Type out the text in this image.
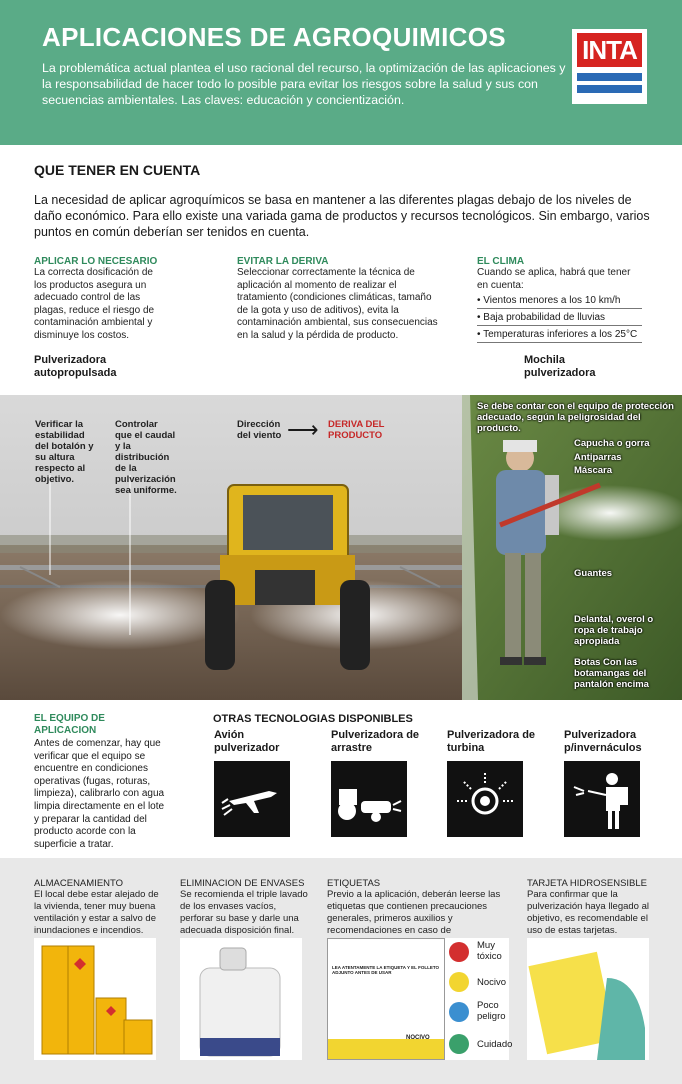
APLICACIONES DE AGROQUIMICOS
La problemática actual plantea el uso racional del recurso, la optimización de las aplicaciones y la responsabilidad de hacer todo lo posible para evitar los riesgos sobre la salud y sus con secuencias ambientales. Las claves: educación y concientización.
INTA
QUE TENER EN CUENTA
La necesidad de aplicar agroquímicos se basa en mantener a las diferentes plagas debajo de los niveles de daño económico. Para ello existe una variada gama de productos y recursos tecnológicos. Sin embargo, varios puntos en común deberían ser tenidos en cuenta.
APLICAR LO NECESARIO
La correcta dosificación de los productos asegura un adecuado control de las plagas, reduce el riesgo de contaminación ambiental y disminuye los costos.
EVITAR LA DERIVA
Seleccionar correctamente la técnica de aplicación al momento de realizar el tratamiento (condiciones climáticas, tamaño de la gota y uso de aditivos), evita la contaminación ambiental, sus consecuencias en la salud y la pérdida de producto.
EL CLIMA
Cuando se aplica, habrá que tener en cuenta:
• Vientos menores a los 10 km/h
• Baja probabilidad de lluvias
• Temperaturas inferiores a los 25°C
Pulverizadora autopropulsada
Mochila pulverizadora
Verificar la estabilidad del botalón y su altura respecto al objetivo.
Controlar que el caudal y la distribución de la pulverización sea uniforme.
Dirección del viento ⟶ DERIVA DEL PRODUCTO
Se debe contar con el equipo de protección adecuado, según la peligrosidad del producto.
Capucha o gorra
Antiparras
Máscara
Guantes
Delantal, overol o ropa de trabajo apropiada
Botas Con las botamangas del pantalón encima
EL EQUIPO DE APLICACION
Antes de comenzar, hay que verificar que el equipo se encuentre en condiciones operativas (fugas, roturas, limpieza), calibrarlo con agua limpia directamente en el lote y preparar la cantidad del producto acorde con la superficie a tratar.
OTRAS TECNOLOGIAS DISPONIBLES
Avión pulverizador
Pulverizadora de arrastre
Pulverizadora de turbina
Pulverizadora p/invernáculos
ALMACENAMIENTO
El local debe estar alejado de la vivienda, tener muy buena ventilación y estar a salvo de inundaciones e incendios.
ELIMINACION DE ENVASES
Se recomienda el triple lavado de los envases vacíos, perforar su base y darle una adecuada disposición final.
ETIQUETAS
Previo a la aplicación, deberán leerse las etiquetas que contienen precauciones generales, primeros auxilios y recomendaciones en caso de
TARJETA HIDROSENSIBLE
Para confirmar que la pulverización haya llegado al objetivo, es recomendable el uso de estas tarjetas.
LEA ATENTAMENTE LA ETIQUETA Y EL FOLLETO ADJUNTO ANTES DE USAR
NOCIVO
Muy tóxico
Nocivo
Poco peligro
Cuidado
